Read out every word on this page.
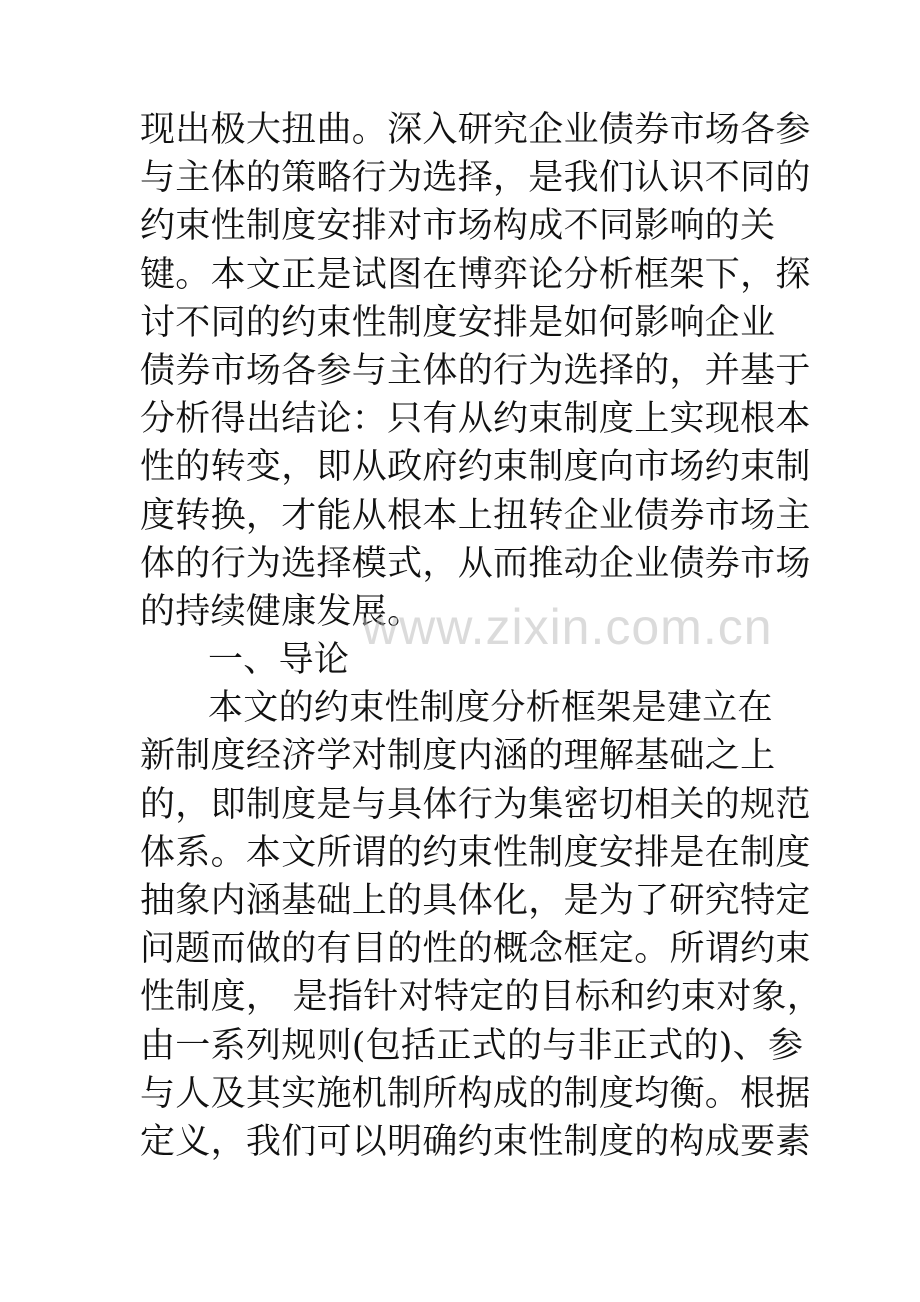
现出极大扭曲。深入研究企业债券市场各参
与主体的策略行为选择，是我们认识不同的
约束性制度安排对市场构成不同影响的关
键。本文正是试图在博弈论分析框架下，探
讨不同的约束性制度安排是如何影响企业
债券市场各参与主体的行为选择的，并基于
分析得出结论：只有从约束制度上实现根本
性的转变，即从政府约束制度向市场约束制
度转换，才能从根本上扭转企业债券市场主
体的行为选择模式，从而推动企业债券市场
的持续健康发展。
一、导论
本文的约束性制度分析框架是建立在
新制度经济学对制度内涵的理解基础之上
的，即制度是与具体行为集密切相关的规范
体系。本文所谓的约束性制度安排是在制度
抽象内涵基础上的具体化，是为了研究特定
问题而做的有目的性的概念框定。所谓约束
性制度， 是指针对特定的目标和约束对象，
由一系列规则(包括正式的与非正式的)、参
与人及其实施机制所构成的制度均衡。根据
定义，我们可以明确约束性制度的构成要素
www.zixin.com.cn
